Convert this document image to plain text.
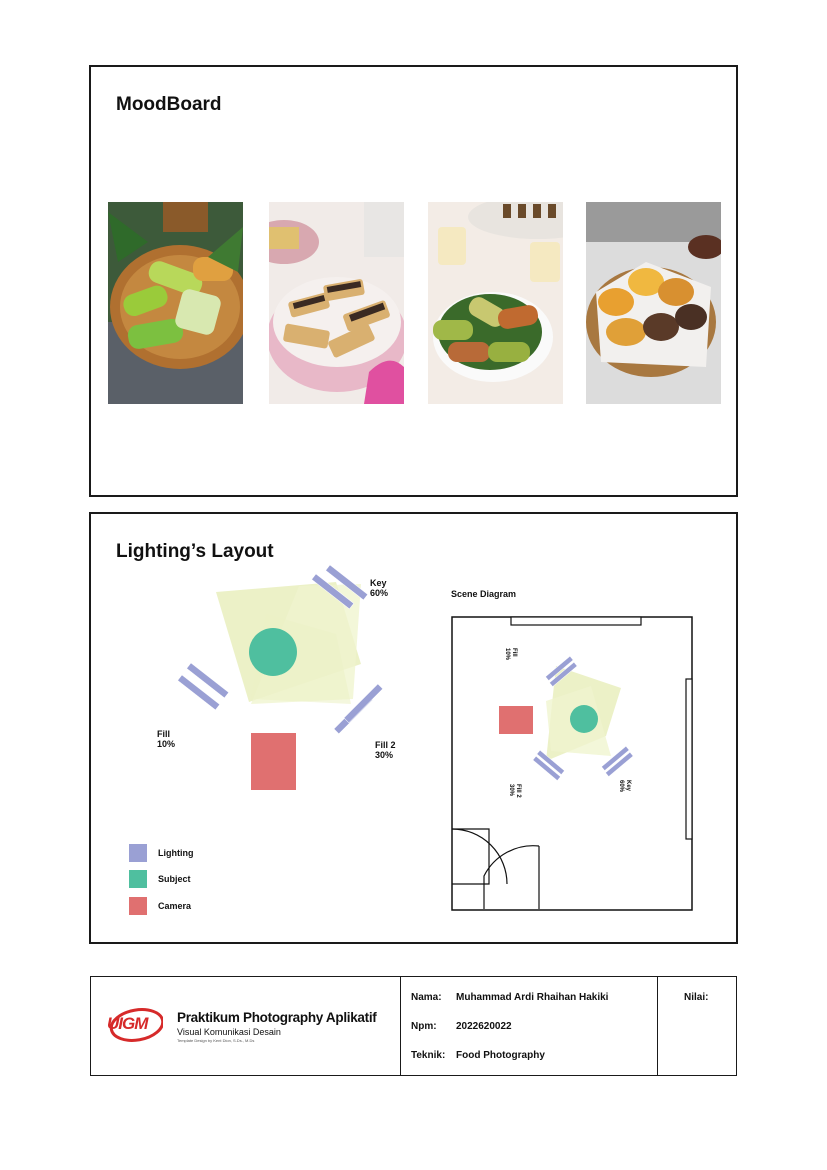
MoodBoard
Lighting’s Layout
Key
60%
Fill
10%	Fill 2
30%
Scene Diagram
Fill
10%
Fill 2
30%	Key
60%
Lighting
Subject
Camera
UIGM Praktikum Photography Aplikatif
Visual Komunikasi Desain
Template Design by Kent Dion, S.Ds., M.Ds
Nama: Muhammad Ardi Rhaihan Hakiki
Npm: 2022620022
Teknik: Food Photography
Nilai:
